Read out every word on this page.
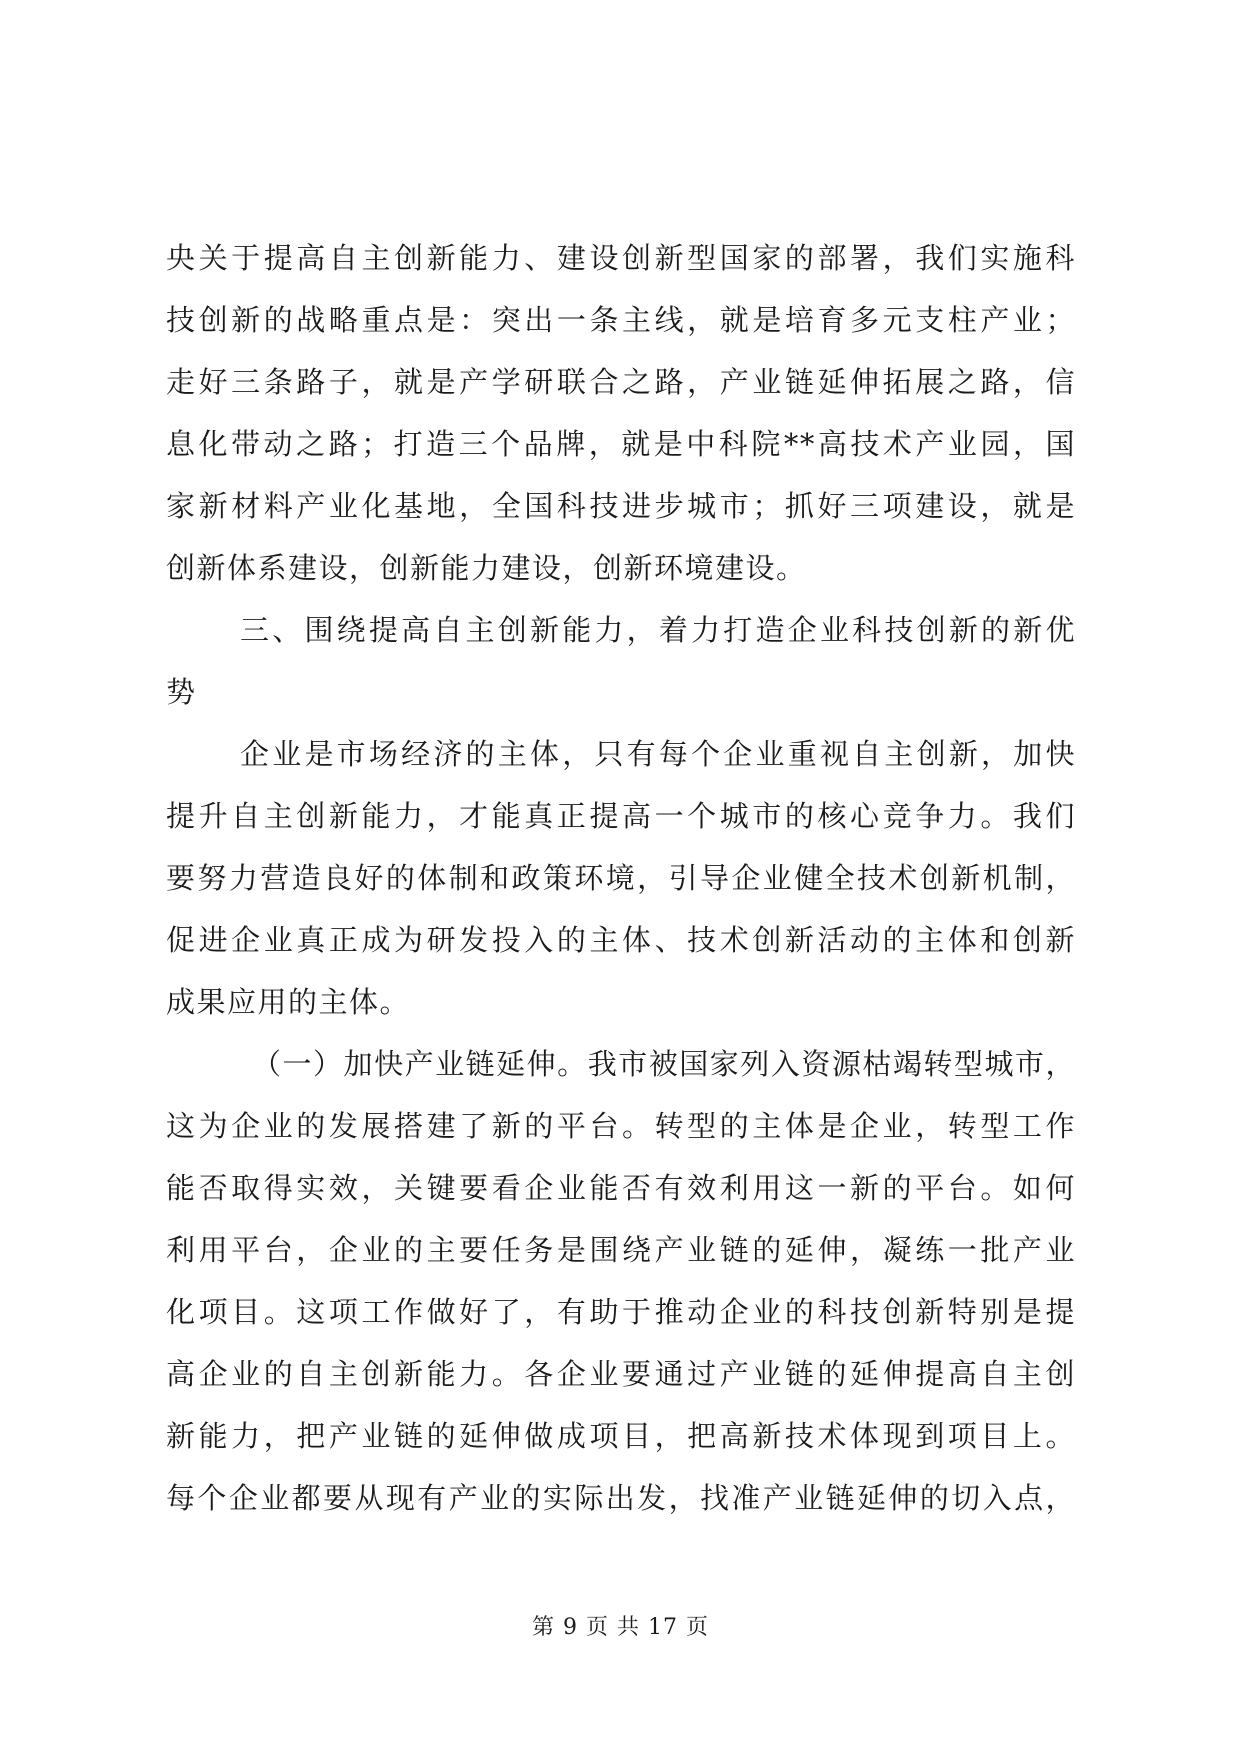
央关于提高自主创新能力、建设创新型国家的部署，我们实施科
技创新的战略重点是：突出一条主线，就是培育多元支柱产业；
走好三条路子，就是产学研联合之路，产业链延伸拓展之路，信
息化带动之路；打造三个品牌，就是中科院**高技术产业园，国
家新材料产业化基地，全国科技进步城市；抓好三项建设，就是
创新体系建设，创新能力建设，创新环境建设。
三、围绕提高自主创新能力，着力打造企业科技创新的新优
势
企业是市场经济的主体，只有每个企业重视自主创新，加快
提升自主创新能力，才能真正提高一个城市的核心竞争力。我们
要努力营造良好的体制和政策环境，引导企业健全技术创新机制，
促进企业真正成为研发投入的主体、技术创新活动的主体和创新
成果应用的主体。
（一）加快产业链延伸。我市被国家列入资源枯竭转型城市，
这为企业的发展搭建了新的平台。转型的主体是企业，转型工作
能否取得实效，关键要看企业能否有效利用这一新的平台。如何
利用平台，企业的主要任务是围绕产业链的延伸，凝练一批产业
化项目。这项工作做好了，有助于推动企业的科技创新特别是提
高企业的自主创新能力。各企业要通过产业链的延伸提高自主创
新能力，把产业链的延伸做成项目，把高新技术体现到项目上。
每个企业都要从现有产业的实际出发，找准产业链延伸的切入点，
第 9 页 共 17 页
